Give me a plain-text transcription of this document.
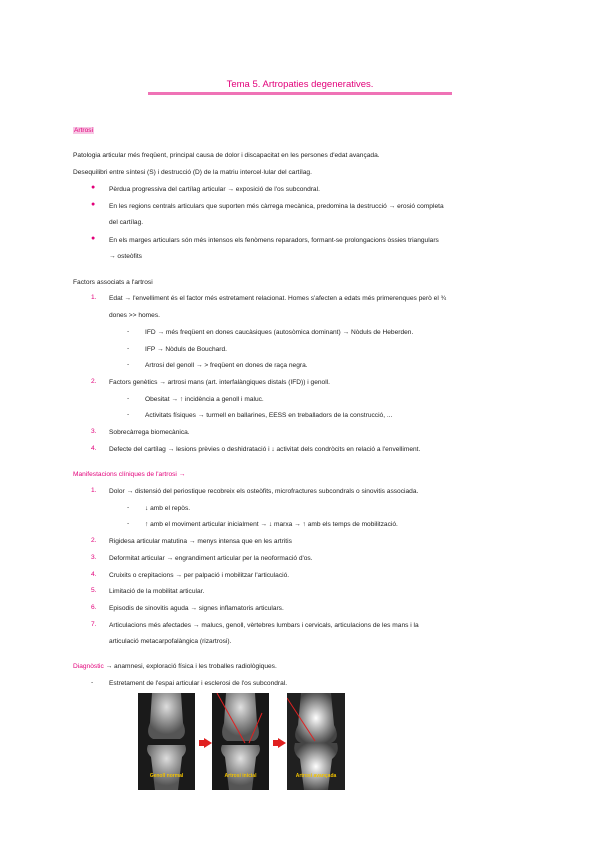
Tema 5. Artropaties degeneratives.
Artrosi
Patologia articular més freqüent, principal causa de dolor i discapacitat en les persones d'edat avançada.
Desequilibri entre síntesi (S) i destrucció (D) de la matriu intercel·lular del cartílag.
● Pèrdua progressiva del cartílag articular → exposició de l'os subcondral.
● En les regions centrals articulars que suporten més càrrega mecànica, predomina la destrucció → erosió completa
del cartílag.
● En els marges articulars són més intensos els fenòmens reparadors, formant-se prolongacions òssies triangulars
→ osteòfits
Factors associats a l'artrosi
1. Edat → l'envelliment és el factor més estretament relacionat. Homes s'afecten a edats més primerenques però el ¾
dones >> homes.
- IFD → més freqüent en dones caucàsiques (autosòmica dominant) → Nòduls de Heberden.
- IFP → Nòduls de Bouchard.
- Artrosi del genoll → > freqüent en dones de raça negra.
2. Factors genètics → artrosi mans (art. interfalàngiques distals (IFD)) i genoll.
- Obesitat → ↑ incidència a genoll i maluc.
- Activitats físiques → turmell en ballarines, EESS en treballadors de la construcció, ...
3. Sobrecàrrega biomecànica.
4. Defecte del cartílag → lesions prèvies o deshidratació i ↓ activitat dels condròcits en relació a l'envelliment.
Manifestacions clíniques de l'artrosi →
1. Dolor → distensió del periostique recobreix els osteòfits, microfractures subcondrals o sinovitis associada.
- ↓ amb el repòs.
- ↑ amb el moviment articular inicialment → ↓ marxa → ↑ amb els temps de mobilització.
2. Rigidesa articular matutina → menys intensa que en les artritis
3. Deformitat articular → engrandiment articular per la neoformació d'os.
4. Cruixits o crepitacions → per palpació i mobilitzar l'articulació.
5. Limitació de la mobilitat articular.
6. Episodis de sinovitis aguda → signes inflamatoris articulars.
7. Articulacions més afectades → malucs, genoll, vèrtebres lumbars i cervicals, articulacions de les mans i la
articulació metacarpofalàngica (rizartrosi).
Diagnòstic → anamnesi, exploració física i les troballes radiològiques.
- Estretament de l'espai articular i esclerosi de l'os subcondral.
Genoll normal	Artrosi inicial	Artrosi avançada
